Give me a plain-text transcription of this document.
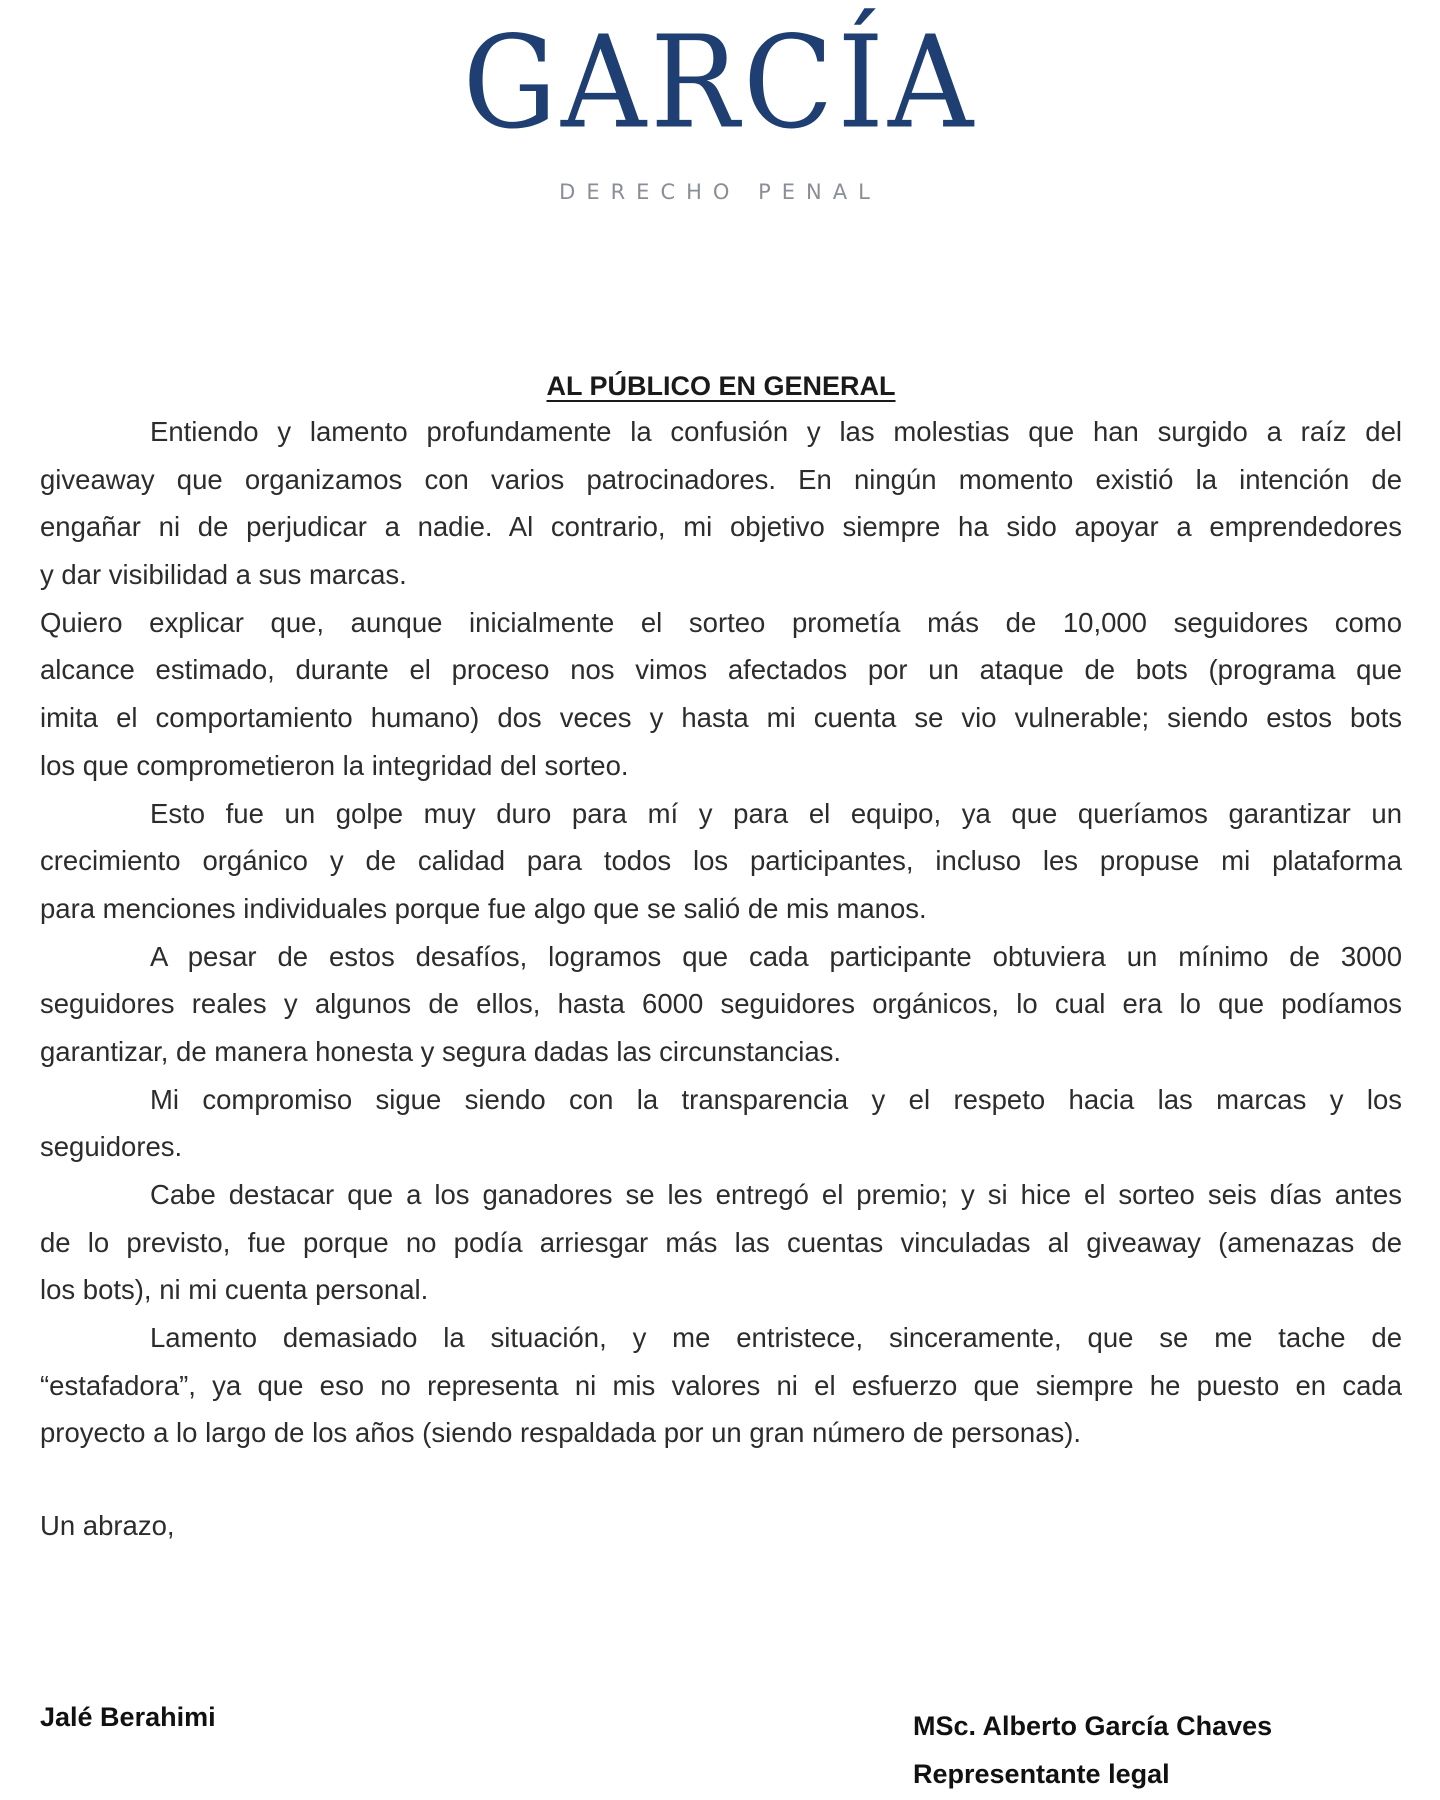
GARCÍA
DERECHO PENAL
AL PÚBLICO EN GENERAL
Entiendo y lamento profundamente la confusión y las molestias que han surgido a raíz del
giveaway que organizamos con varios patrocinadores. En ningún momento existió la intención de
engañar ni de perjudicar a nadie. Al contrario, mi objetivo siempre ha sido apoyar a emprendedores
y dar visibilidad a sus marcas.
Quiero explicar que, aunque inicialmente el sorteo prometía más de 10,000 seguidores como
alcance estimado, durante el proceso nos vimos afectados por un ataque de bots (programa que
imita el comportamiento humano) dos veces y hasta mi cuenta se vio vulnerable; siendo estos bots
los que comprometieron la integridad del sorteo.
Esto fue un golpe muy duro para mí y para el equipo, ya que queríamos garantizar un
crecimiento orgánico y de calidad para todos los participantes, incluso les propuse mi plataforma
para menciones individuales porque fue algo que se salió de mis manos.
A pesar de estos desafíos, logramos que cada participante obtuviera un mínimo de 3000
seguidores reales y algunos de ellos, hasta 6000 seguidores orgánicos, lo cual era lo que podíamos
garantizar, de manera honesta y segura dadas las circunstancias.
Mi compromiso sigue siendo con la transparencia y el respeto hacia las marcas y los
seguidores.
Cabe destacar que a los ganadores se les entregó el premio; y si hice el sorteo seis días antes
de lo previsto, fue porque no podía arriesgar más las cuentas vinculadas al giveaway (amenazas de
los bots), ni mi cuenta personal.
Lamento demasiado la situación, y me entristece, sinceramente, que se me tache de
“estafadora”, ya que eso no representa ni mis valores ni el esfuerzo que siempre he puesto en cada
proyecto a lo largo de los años (siendo respaldada por un gran número de personas).
Un abrazo,
Jalé Berahimi	MSc. Alberto García Chaves
Representante legal
